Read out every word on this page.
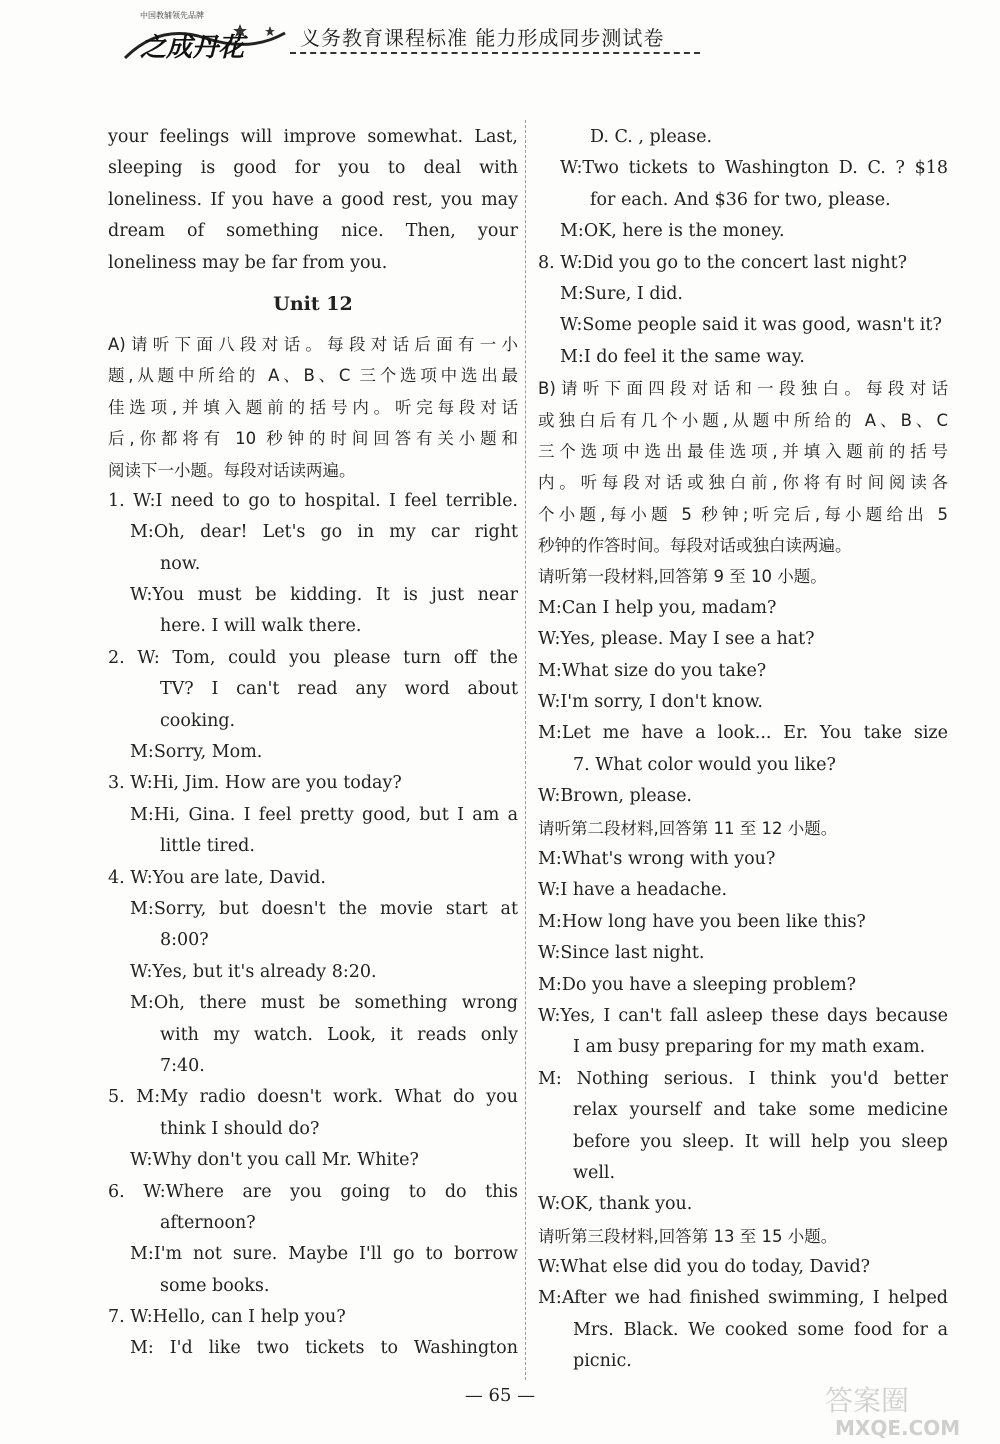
中国教辅领先品牌
之成丹花	义务教育课程标准 能力形成同步测试卷
your feelings will improve somewhat. Last,
sleeping is good for you to deal with
loneliness. If you have a good rest, you may
dream of something nice. Then, your
loneliness may be far from you.
Unit 12
A)请听下面八段对话。每段对话后面有一小
题,从题中所给的 A、B、C 三个选项中选出最
佳选项,并填入题前的括号内。听完每段对话
后,你都将有 10 秒钟的时间回答有关小题和
阅读下一小题。每段对话读两遍。
1. W:I need to go to hospital. I feel terrible.
M:Oh, dear! Let's go in my car right
now.
W:You must be kidding. It is just near
here. I will walk there.
2. W: Tom, could you please turn off the
TV? I can't read any word about
cooking.
M:Sorry, Mom.
3. W:Hi, Jim. How are you today?
M:Hi, Gina. I feel pretty good, but I am a
little tired.
4. W:You are late, David.
M:Sorry, but doesn't the movie start at
8:00?
W:Yes, but it's already 8:20.
M:Oh, there must be something wrong
with my watch. Look, it reads only
7:40.
5. M:My radio doesn't work. What do you
think I should do?
W:Why don't you call Mr. White?
6. W:Where are you going to do this
afternoon?
M:I'm not sure. Maybe I'll go to borrow
some books.
7. W:Hello, can I help you?
M: I'd like two tickets to Washington
D. C. , please.
W:Two tickets to Washington D. C. ? $18
for each. And $36 for two, please.
M:OK, here is the money.
8. W:Did you go to the concert last night?
M:Sure, I did.
W:Some people said it was good, wasn't it?
M:I do feel it the same way.
B)请听下面四段对话和一段独白。每段对话
或独白后有几个小题,从题中所给的 A、B、C
三个选项中选出最佳选项,并填入题前的括号
内。听每段对话或独白前,你将有时间阅读各
个小题,每小题 5 秒钟;听完后,每小题给出 5
秒钟的作答时间。每段对话或独白读两遍。
请听第一段材料,回答第 9 至 10 小题。
M:Can I help you, madam?
W:Yes, please. May I see a hat?
M:What size do you take?
W:I'm sorry, I don't know.
M:Let me have a look... Er. You take size
7. What color would you like?
W:Brown, please.
请听第二段材料,回答第 11 至 12 小题。
M:What's wrong with you?
W:I have a headache.
M:How long have you been like this?
W:Since last night.
M:Do you have a sleeping problem?
W:Yes, I can't fall asleep these days because
I am busy preparing for my math exam.
M: Nothing serious. I think you'd better
relax yourself and take some medicine
before you sleep. It will help you sleep
well.
W:OK, thank you.
请听第三段材料,回答第 13 至 15 小题。
W:What else did you do today, David?
M:After we had finished swimming, I helped
Mrs. Black. We cooked some food for a
picnic.
— 65 —	答案圈
MXQE.COM
